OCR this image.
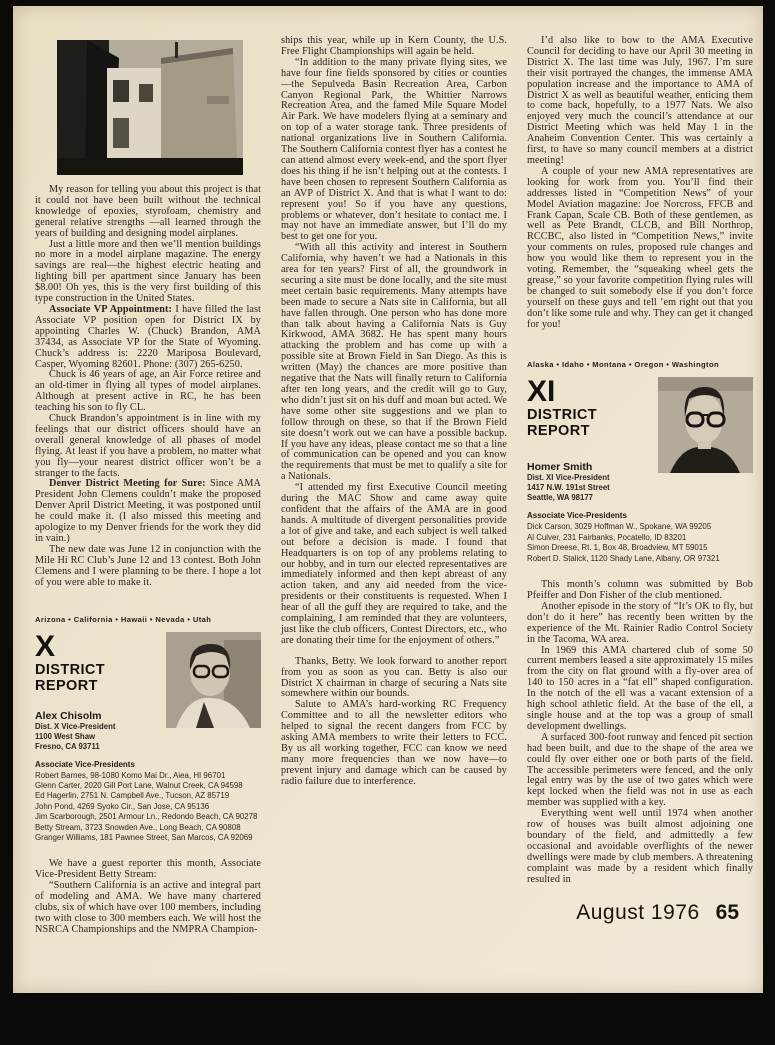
My reason for telling you about this project is that it could not have been built without the technical knowledge of epoxies, styrofoam, chemistry and general relative strengths —all learned through the years of building and designing model airplanes.

Just a little more and then we’ll mention buildings no more in a model airplane magazine. The energy savings are real—the highest electric heating and lighting bill per apartment since January has been $8.00! Oh yes, this is the very first building of this type construction in the United States.

Associate VP Appointment: I have filled the last Associate VP position open for District IX by appointing Charles W. (Chuck) Brandon, AMA 37434, as Associate VP for the State of Wyoming. Chuck’s address is: 2220 Mariposa Boulevard, Casper, Wyoming 82601. Phone: (307) 265-6250.

Chuck is 46 years of age, an Air Force retiree and an old-timer in flying all types of model airplanes. Although at present active in RC, he has been teaching his son to fly CL.

Chuck Brandon’s appointment is in line with my feelings that our district officers should have an overall general knowledge of all phases of model flying. At least if you have a problem, no matter what you fly—your nearest district officer won’t be a stranger to the facts.

Denver District Meeting for Sure: Since AMA President John Clemens couldn’t make the proposed Denver April District Meeting, it was postponed until he could make it. (I also missed this meeting and apologize to my Denver friends for the work they did in vain.)

The new date was June 12 in conjunction with the Mile Hi RC Club’s June 12 and 13 contest. Both John Clemens and I were planning to be there. I hope a lot of you were able to make it.

Arizona • California • Hawaii • Nevada • Utah
X
DISTRICT REPORT
Alex Chisolm
Dist. X Vice-President
1100 West Shaw
Fresno, CA 93711
Associate Vice-Presidents
Robert Barnes, 98-1080 Komo Mai Dr., Aiea, HI 96701
Glenn Carter, 2020 Gill Port Lane, Walnut Creek, CA 94598
Ed Hagerlin, 2751 N. Campbell Ave., Tucson, AZ 85719
John Pond, 4269 Syoko Cir., San Jose, CA 95136
Jim Scarborough, 2501 Armour Ln., Redondo Beach, CA 90278
Betty Stream, 3723 Snowden Ave., Long Beach, CA 90808
Granger Williams, 181 Pawnee Street, San Marcos, CA 92069

We have a guest reporter this month, Associate Vice-President Betty Stream:

“Southern California is an active and integral part of modeling and AMA. We have many chartered clubs, six of which have over 100 members, including two with close to 300 members each. We will host the NSRCA Championships and the NMPRA Champion-

ships this year, while up in Kern County, the U.S. Free Flight Championships will again be held.

“In addition to the many private flying sites, we have four fine fields sponsored by cities or counties—the Sepulveda Basin Recreation Area, Carbon Canyon Regional Park, the Whittier Narrows Recreation Area, and the famed Mile Square Model Air Park. We have modelers flying at a seminary and on top of a water storage tank. Three presidents of national organizations live in Southern California. The Southern California contest flyer has a contest he can attend almost every week-end, and the sport flyer does his thing if he isn’t helping out at the contests. I have been chosen to represent Southern California as an AVP of District X. And that is what I want to do: represent you! So if you have any questions, problems or whatever, don’t hesitate to contact me. I may not have an immediate answer, but I’ll do my best to get one for you.

“With all this activity and interest in Southern California, why haven’t we had a Nationals in this area for ten years? First of all, the groundwork in securing a site must be done locally, and the site must meet certain basic requirements. Many attempts have been made to secure a Nats site in California, but all have fallen through. One person who has done more than talk about having a California Nats is Guy Kirkwood, AMA 3682. He has spent many hours attacking the problem and has come up with a possible site at Brown Field in San Diego. As this is written (May) the chances are more positive than negative that the Nats will finally return to California after ten long years, and the credit will go to Guy, who didn’t just sit on his duff and moan but acted. We have some other site suggestions and we plan to follow through on these, so that if the Brown Field site doesn’t work out we can have a possible backup. If you have any ideas, please contact me so that a line of communication can be opened and you can know the requirements that must be met to qualify a site for a Nationals.

“I attended my first Executive Council meeting during the MAC Show and came away quite confident that the affairs of the AMA are in good hands. A multitude of divergent personalities provide a lot of give and take, and each subject is well talked out before a decision is made. I found that Headquarters is on top of any problems relating to our hobby, and in turn our elected representatives are immediately informed and then kept abreast of any action taken, and any aid needed from the vice-presidents or their constituents is requested. When I hear of all the guff they are required to take, and the complaining, I am reminded that they are volunteers, just like the club officers, Contest Directors, etc., who are donating their time for the enjoyment of others.”

Thanks, Betty. We look forward to another report from you as soon as you can. Betty is also our District X chairman in charge of securing a Nats site somewhere within our bounds.

Salute to AMA’s hard-working RC Frequency Committee and to all the newsletter editors who helped to signal the recent dangers from FCC by asking AMA members to write their letters to FCC. By us all working together, FCC can know we need many more frequencies than we now have—to prevent injury and damage which can be caused by radio failure due to interference.

I’d also like to bow to the AMA Executive Council for deciding to have our April 30 meeting in District X. The last time was July, 1967. I’m sure their visit portrayed the changes, the immense AMA population increase and the importance to AMA of District X as well as beautiful weather, enticing them to come back, hopefully, to a 1977 Nats. We also enjoyed very much the council’s attendance at our District Meeting which was held May 1 in the Anaheim Convention Center. This was certainly a first, to have so many council members at a district meeting!

A couple of your new AMA representatives are looking for work from you. You’ll find their addresses listed in “Competition News” of your Model Aviation magazine: Joe Norcross, FFCB and Frank Capan, Scale CB. Both of these gentlemen, as well as Pete Brandt, CLCB, and Bill Northrop, RCCBC, also listed in “Competition News,” invite your comments on rules, proposed rule changes and how you would like them to represent you in the voting. Remember, the “squeaking wheel gets the grease,” so your favorite competition flying rules will be changed to suit somebody else if you don’t force yourself on these guys and tell ’em right out that you don’t like some rule and why. They can get it changed for you!

Alaska • Idaho • Montana • Oregon • Washington
XI
DISTRICT REPORT
Homer Smith
Dist. XI Vice-President
1417 N.W. 191st Street
Seattle, WA 98177
Associate Vice-Presidents
Dick Carson, 3029 Hoffman W., Spokane, WA 99205
Al Culver, 231 Fairbanks, Pocatello, ID 83201
Simon Dreese, Rt. 1, Box 48, Broadview, MT 59015
Robert D. Stalick, 1120 Shady Lane, Albany, OR 97321

This month’s column was submitted by Bob Pfeiffer and Don Fisher of the club mentioned.

Another episode in the story of “It’s OK to fly, but don’t do it here” has recently been written by the experience of the Mt. Rainier Radio Control Society in the Tacoma, WA area.

In 1969 this AMA chartered club of some 50 current members leased a site approximately 15 miles from the city on flat ground with a fly-over area of 140 to 150 acres in a “fat ell” shaped configuration. In the notch of the ell was a vacant extension of a high school athletic field. At the base of the ell, a single house and at the top was a group of small development dwellings.

A surfaced 300-foot runway and fenced pit section had been built, and due to the shape of the area we could fly over either one or both parts of the field. The accessible perimeters were fenced, and the only legal entry was by the use of two gates which were kept locked when the field was not in use as each member was supplied with a key.

Everything went well until 1974 when another row of houses was built almost adjoining one boundary of the field, and admittedly a few occasional and avoidable overflights of the newer dwellings were made by club members. A threatening complaint was made by a resident which finally resulted in

August 1976 65
